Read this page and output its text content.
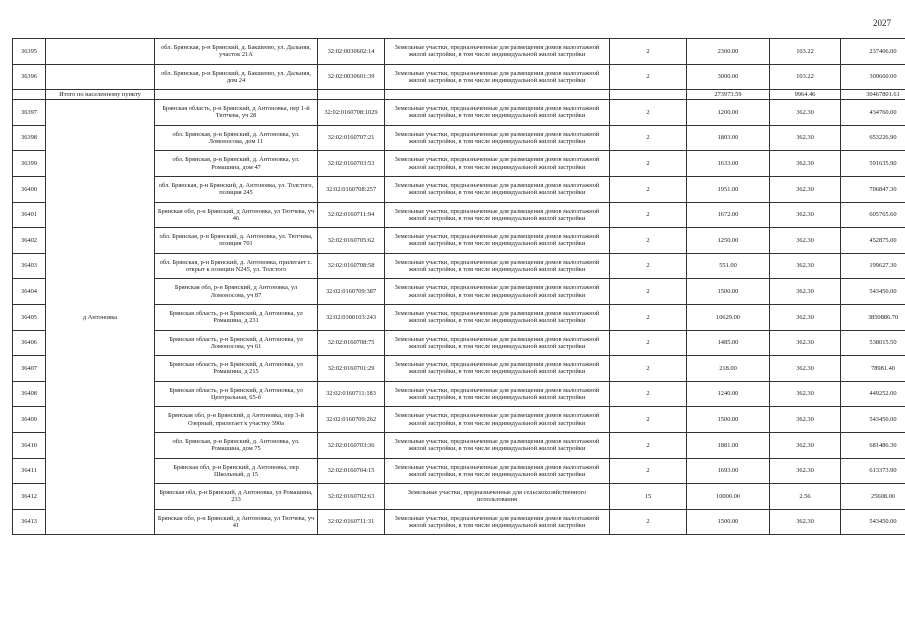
2027
36395		обл. Брянская, р-н Брянский, д. Бакшеево, ул. Дальняя, участок 21А	32:02:0030602:14	Земельные участки, предназначенные для размещения домов малоэтажной жилой застройки, в том числе индивидуальной жилой застройки	2	2300.00	103.22	237406.00
36396		обл. Брянская, р-н Брянский, д. Бакшеево, ул. Дальняя, дом 24	32:02:0030601:39	Земельные участки, предназначенные для размещения домов малоэтажной жилой застройки, в том числе индивидуальной жилой застройки	2	3000.00	103.22	309660.00
	Итого по населенному пункту					273973.59	9964.46	30467801.61
36397	д Антоновка	Брянская область, р-н Брянский, д Антоновка, пер 1-й Тютчева, уч 28	32:02:0160708:1029	Земельные участки, предназначенные для размещения домов малоэтажной жилой застройки, в том числе индивидуальной жилой застройки	2	1200.00	362.30	434760.00
36398		обл. Брянская, р-н Брянский, д. Антоновка, ул. Ломоносова, дом 11	32:02:0160707:21	Земельные участки, предназначенные для размещения домов малоэтажной жилой застройки, в том числе индивидуальной жилой застройки	2	1803.00	362.30	653226.90
36399		обл. Брянская, р-н Брянский, д. Антоновка, ул. Ромашина, дом 47	32:02:0160703:53	Земельные участки, предназначенные для размещения домов малоэтажной жилой застройки, в том числе индивидуальной жилой застройки	2	1633.00	362.30	591635.90
36400		обл. Брянская, р-н Брянский, д. Антоновка, ул. Толстого, позиция 245	32:02:0160708:257	Земельные участки, предназначенные для размещения домов малоэтажной жилой застройки, в том числе индивидуальной жилой застройки	2	1951.00	362.30	706847.30
36401		Брянская обл, р-н Брянский, д Антоновка, ул Тютчева, уч 46	32:02:0160711:94	Земельные участки, предназначенные для размещения домов малоэтажной жилой застройки, в том числе индивидуальной жилой застройки	2	1672.00	362.30	605765.60
36402		обл. Брянская, р-н Брянский, д. Антоновка, ул. Тютчева, позиция 701	32:02:0160705:62	Земельные участки, предназначенные для размещения домов малоэтажной жилой застройки, в том числе индивидуальной жилой застройки	2	1250.00	362.30	452875.00
36403		обл. Брянская, р-н Брянский, д. Антоновка, прилегает с. открыт к позиции N245, ул. Толстого	32:02:0160708:58	Земельные участки, предназначенные для размещения домов малоэтажной жилой застройки, в том числе индивидуальной жилой застройки	2	551.00	362.30	199627.30
36404		Брянская обл, р-н Брянский, д Антоновка, ул Ломоносова, уч 87	32:02:0160709:387	Земельные участки, предназначенные для размещения домов малоэтажной жилой застройки, в том числе индивидуальной жилой застройки	2	1500.00	362.30	543450.00
36405		Брянская область, р-н Брянский, д Антоновка, ул Ромашина, д 231	32:02:0300103:243	Земельные участки, предназначенные для размещения домов малоэтажной жилой застройки, в том числе индивидуальной жилой застройки	2	10629.00	362.30	3850886.70
36406		Брянская область, р-н Брянский, д Антоновка, ул Ломоносова, уч 61	32:02:0160708:75	Земельные участки, предназначенные для размещения домов малоэтажной жилой застройки, в том числе индивидуальной жилой застройки	2	1485.00	362.30	538015.50
36407		Брянская область, р-н Брянский, д Антоновка, ул Ромашина, д 215	32:02:0160701:29	Земельные участки, предназначенные для размещения домов малоэтажной жилой застройки, в том числе индивидуальной жилой застройки	2	218.00	362.30	78981.40
36408		Брянская область, р-н Брянский, д Антоновка, ул Центральная, 65-б	32:02:0160711:183	Земельные участки, предназначенные для размещения домов малоэтажной жилой застройки, в том числе индивидуальной жилой застройки	2	1240.00	362.30	449252.00
36409		Брянская обл, р-н Брянский, д Антоновка, пер 3-й Озерный, прилегает к участку 390а	32:02:0160709:262	Земельные участки, предназначенные для размещения домов малоэтажной жилой застройки, в том числе индивидуальной жилой застройки	2	1500.00	362.30	543450.00
36410		обл. Брянская, р-н Брянский, д. Антоновка, ул. Ромашина, дом 75	32:02:0160703:36	Земельные участки, предназначенные для размещения домов малоэтажной жилой застройки, в том числе индивидуальной жилой застройки	2	1881.00	362.30	681486.30
36411		Брянская обл, р-н Брянский, д Антоновка, пер Школьный, д 15	32:02:0160704:15	Земельные участки, предназначенные для размещения домов малоэтажной жилой застройки, в том числе индивидуальной жилой застройки	2	1693.00	362.30	613373.90
36412		Брянская обл, р-н Брянский, д Антоновка, ул Ромашина, 233	32:02:0160702:63	Земельные участки, предназначенные для сельскохозяйственного использования	15	10000.00	2.56	25608.00
36413		Брянская обл, р-н Брянский, д Антоновка, ул Тютчева, уч 41	32:02:0160711:31	Земельные участки, предназначенные для размещения домов малоэтажной жилой застройки, в том числе индивидуальной жилой застройки	2	1500.00	362.30	543450.00
